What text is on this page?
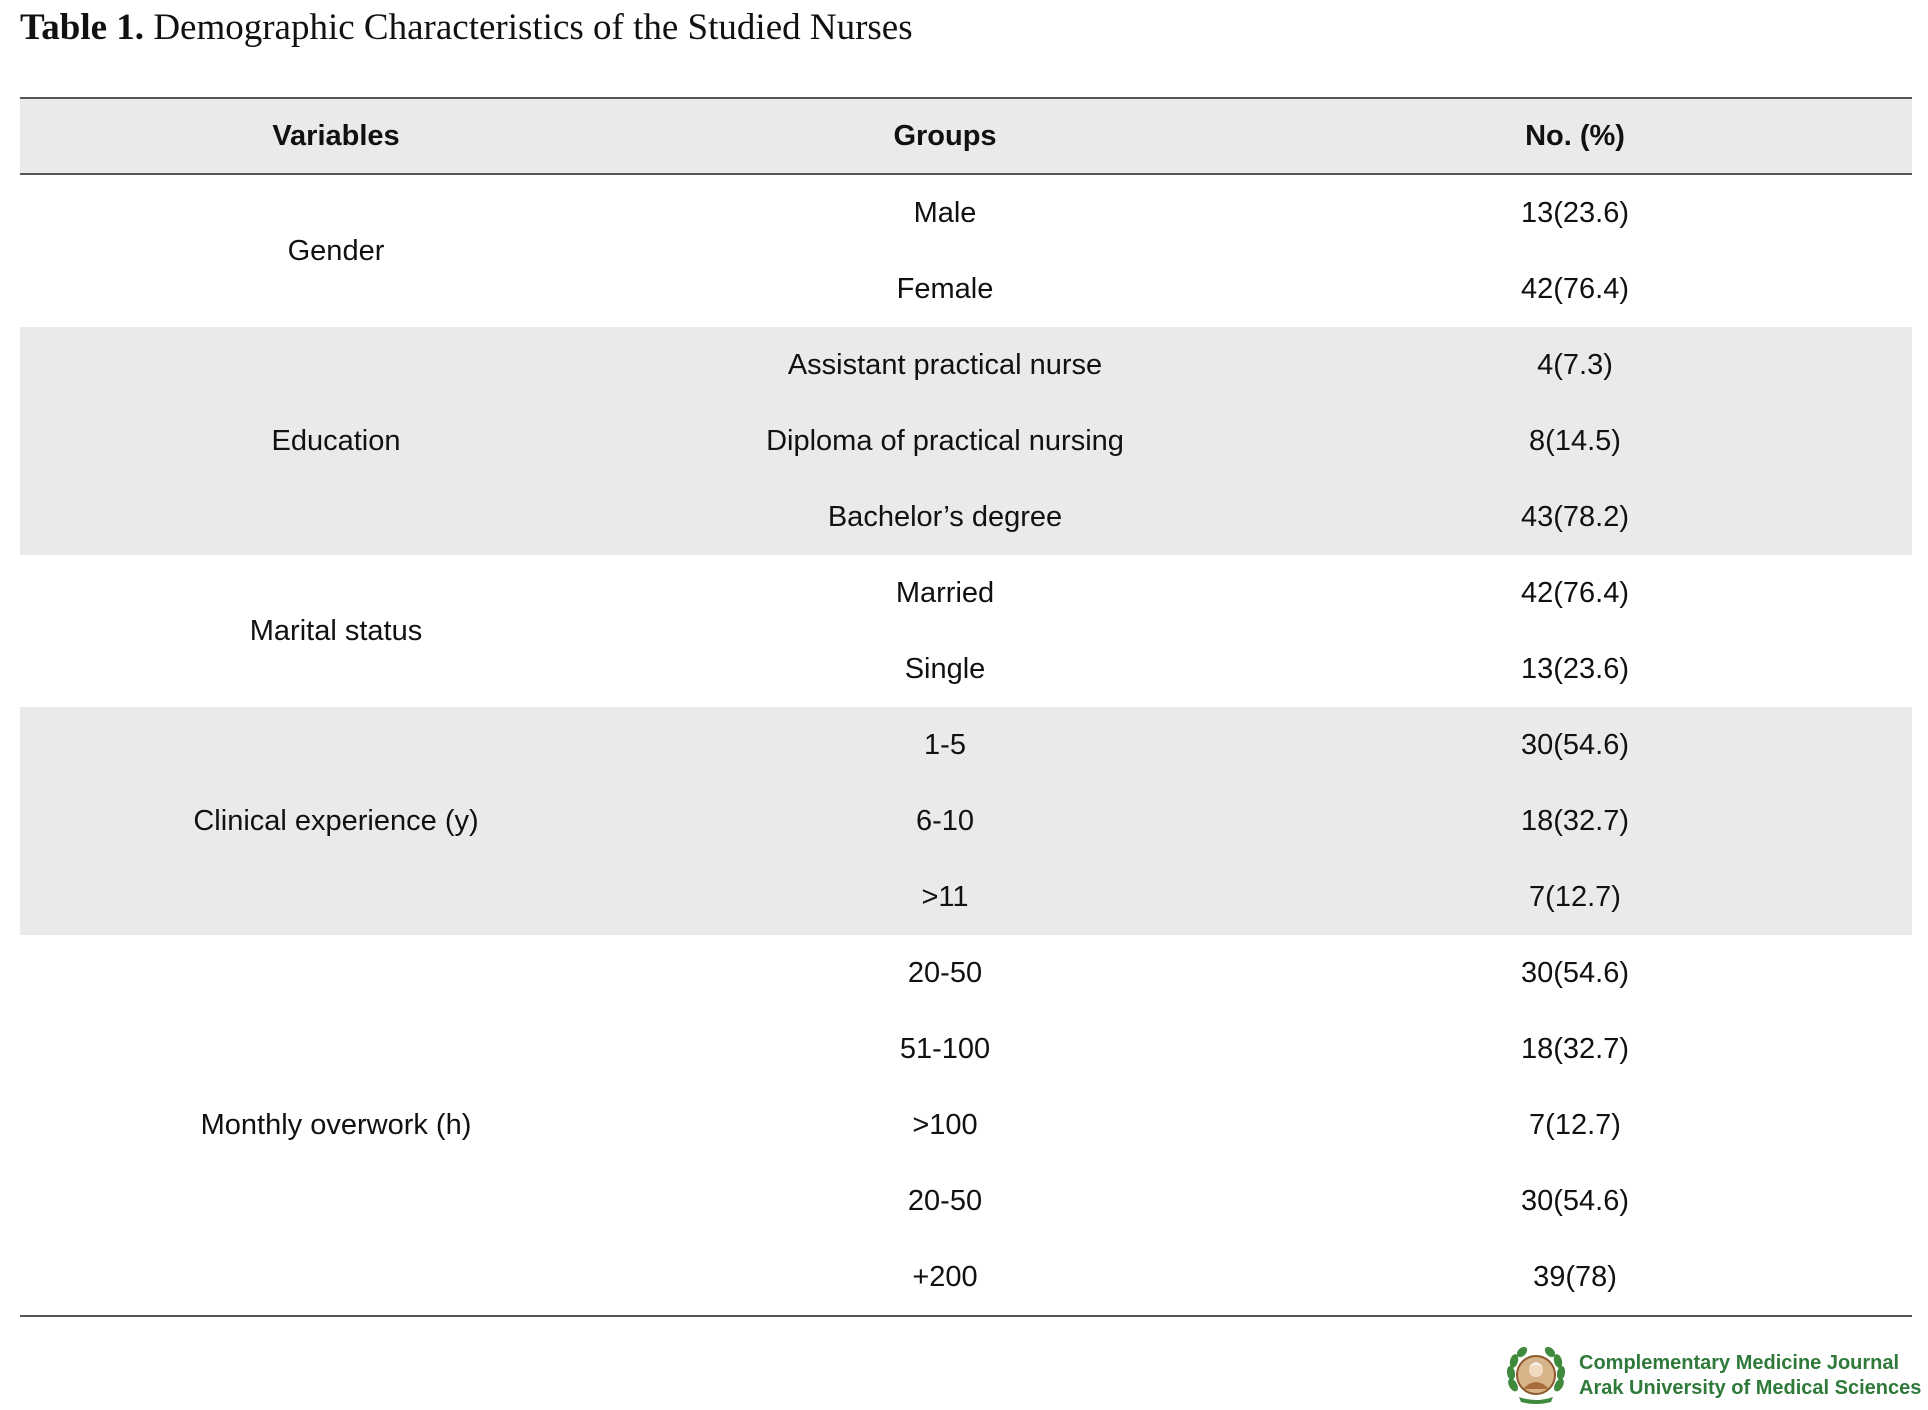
Table 1. Demographic Characteristics of the Studied Nurses
Variables	Groups	No. (%)
Gender	Male	13(23.6)
	Female	42(76.4)
Education	Assistant practical nurse	4(7.3)
	Diploma of practical nursing	8(14.5)
	Bachelor’s degree	43(78.2)
Marital status	Married	42(76.4)
	Single	13(23.6)
Clinical experience (y)	1-5	30(54.6)
	6-10	18(32.7)
	>11	7(12.7)
Monthly overwork (h)	20-50	30(54.6)
	51-100	18(32.7)
	>100	7(12.7)
	20-50	30(54.6)
	+200	39(78)
Complementary Medicine Journal
Arak University of Medical Sciences
